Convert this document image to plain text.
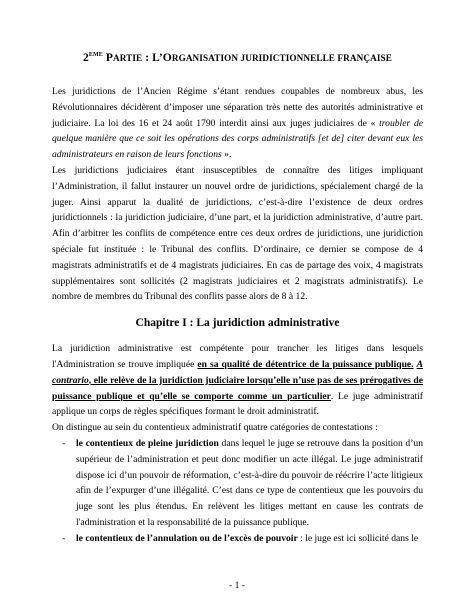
2EME PARTIE : L’ORGANISATION JURIDICTIONNELLE FRANÇAISE

Les juridictions de l’Ancien Régime s’étant rendues coupables de nombreux abus, les Révolutionnaires décidèrent d’imposer une séparation très nette des autorités administrative et judiciaire. La loi des 16 et 24 août 1790 interdit ainsi aux juges judiciaires de « troubler de quelque manière que ce soit les opérations des corps administratifs [et de] citer devant eux les administrateurs en raison de leurs fonctions ».

Les juridictions judiciaires étant insusceptibles de connaître des litiges impliquant l’Administration, il fallut instaurer un nouvel ordre de juridictions, spécialement chargé de la juger. Ainsi apparut la dualité de juridictions, c’est-à-dire l’existence de deux ordres juridictionnels : la juridiction judiciaire, d’une part, et la juridiction administrative, d’autre part. Afin d’arbitrer les conflits de compétence entre ces deux ordres de juridictions, une juridiction spéciale fut instituée : le Tribunal des conflits. D’ordinaire, ce dernier se compose de 4 magistrats administratifs et de 4 magistrats judiciaires. En cas de partage des voix, 4 magistrats supplémentaires sont sollicités (2 magistrats judiciaires et 2 magistrats administratifs). Le nombre de membres du Tribunal des conflits passe alors de 8 à 12.

Chapitre I : La juridiction administrative

La juridiction administrative est compétente pour trancher les litiges dans lesquels l'Administration se trouve impliquée en sa qualité de détentrice de la puissance publique. A contrario, elle relève de la juridiction judiciaire lorsqu’elle n’use pas de ses prérogatives de puissance publique et qu’elle se comporte comme un particulier. Le juge administratif applique un corps de règles spécifiques formant le droit administratif.

On distingue au sein du contentieux administratif quatre catégories de contestations :

- le contentieux de pleine juridiction dans lequel le juge se retrouve dans la position d’un supérieur de l’administration et peut donc modifier un acte illégal. Le juge administratif dispose ici d’un pouvoir de réformation, c’est-à-dire du pouvoir de réécrire l’acte litigieux afin de l’expurger d’une illégalité. C’est dans ce type de contentieux que les pouvoirs du juge sont les plus étendus. En relèvent les litiges mettant en cause les contrats de l'administration et la responsabilité de la puissance publique.
- le contentieux de l’annulation ou de l’excès de pouvoir : le juge est ici sollicité dans le
- 1 -
